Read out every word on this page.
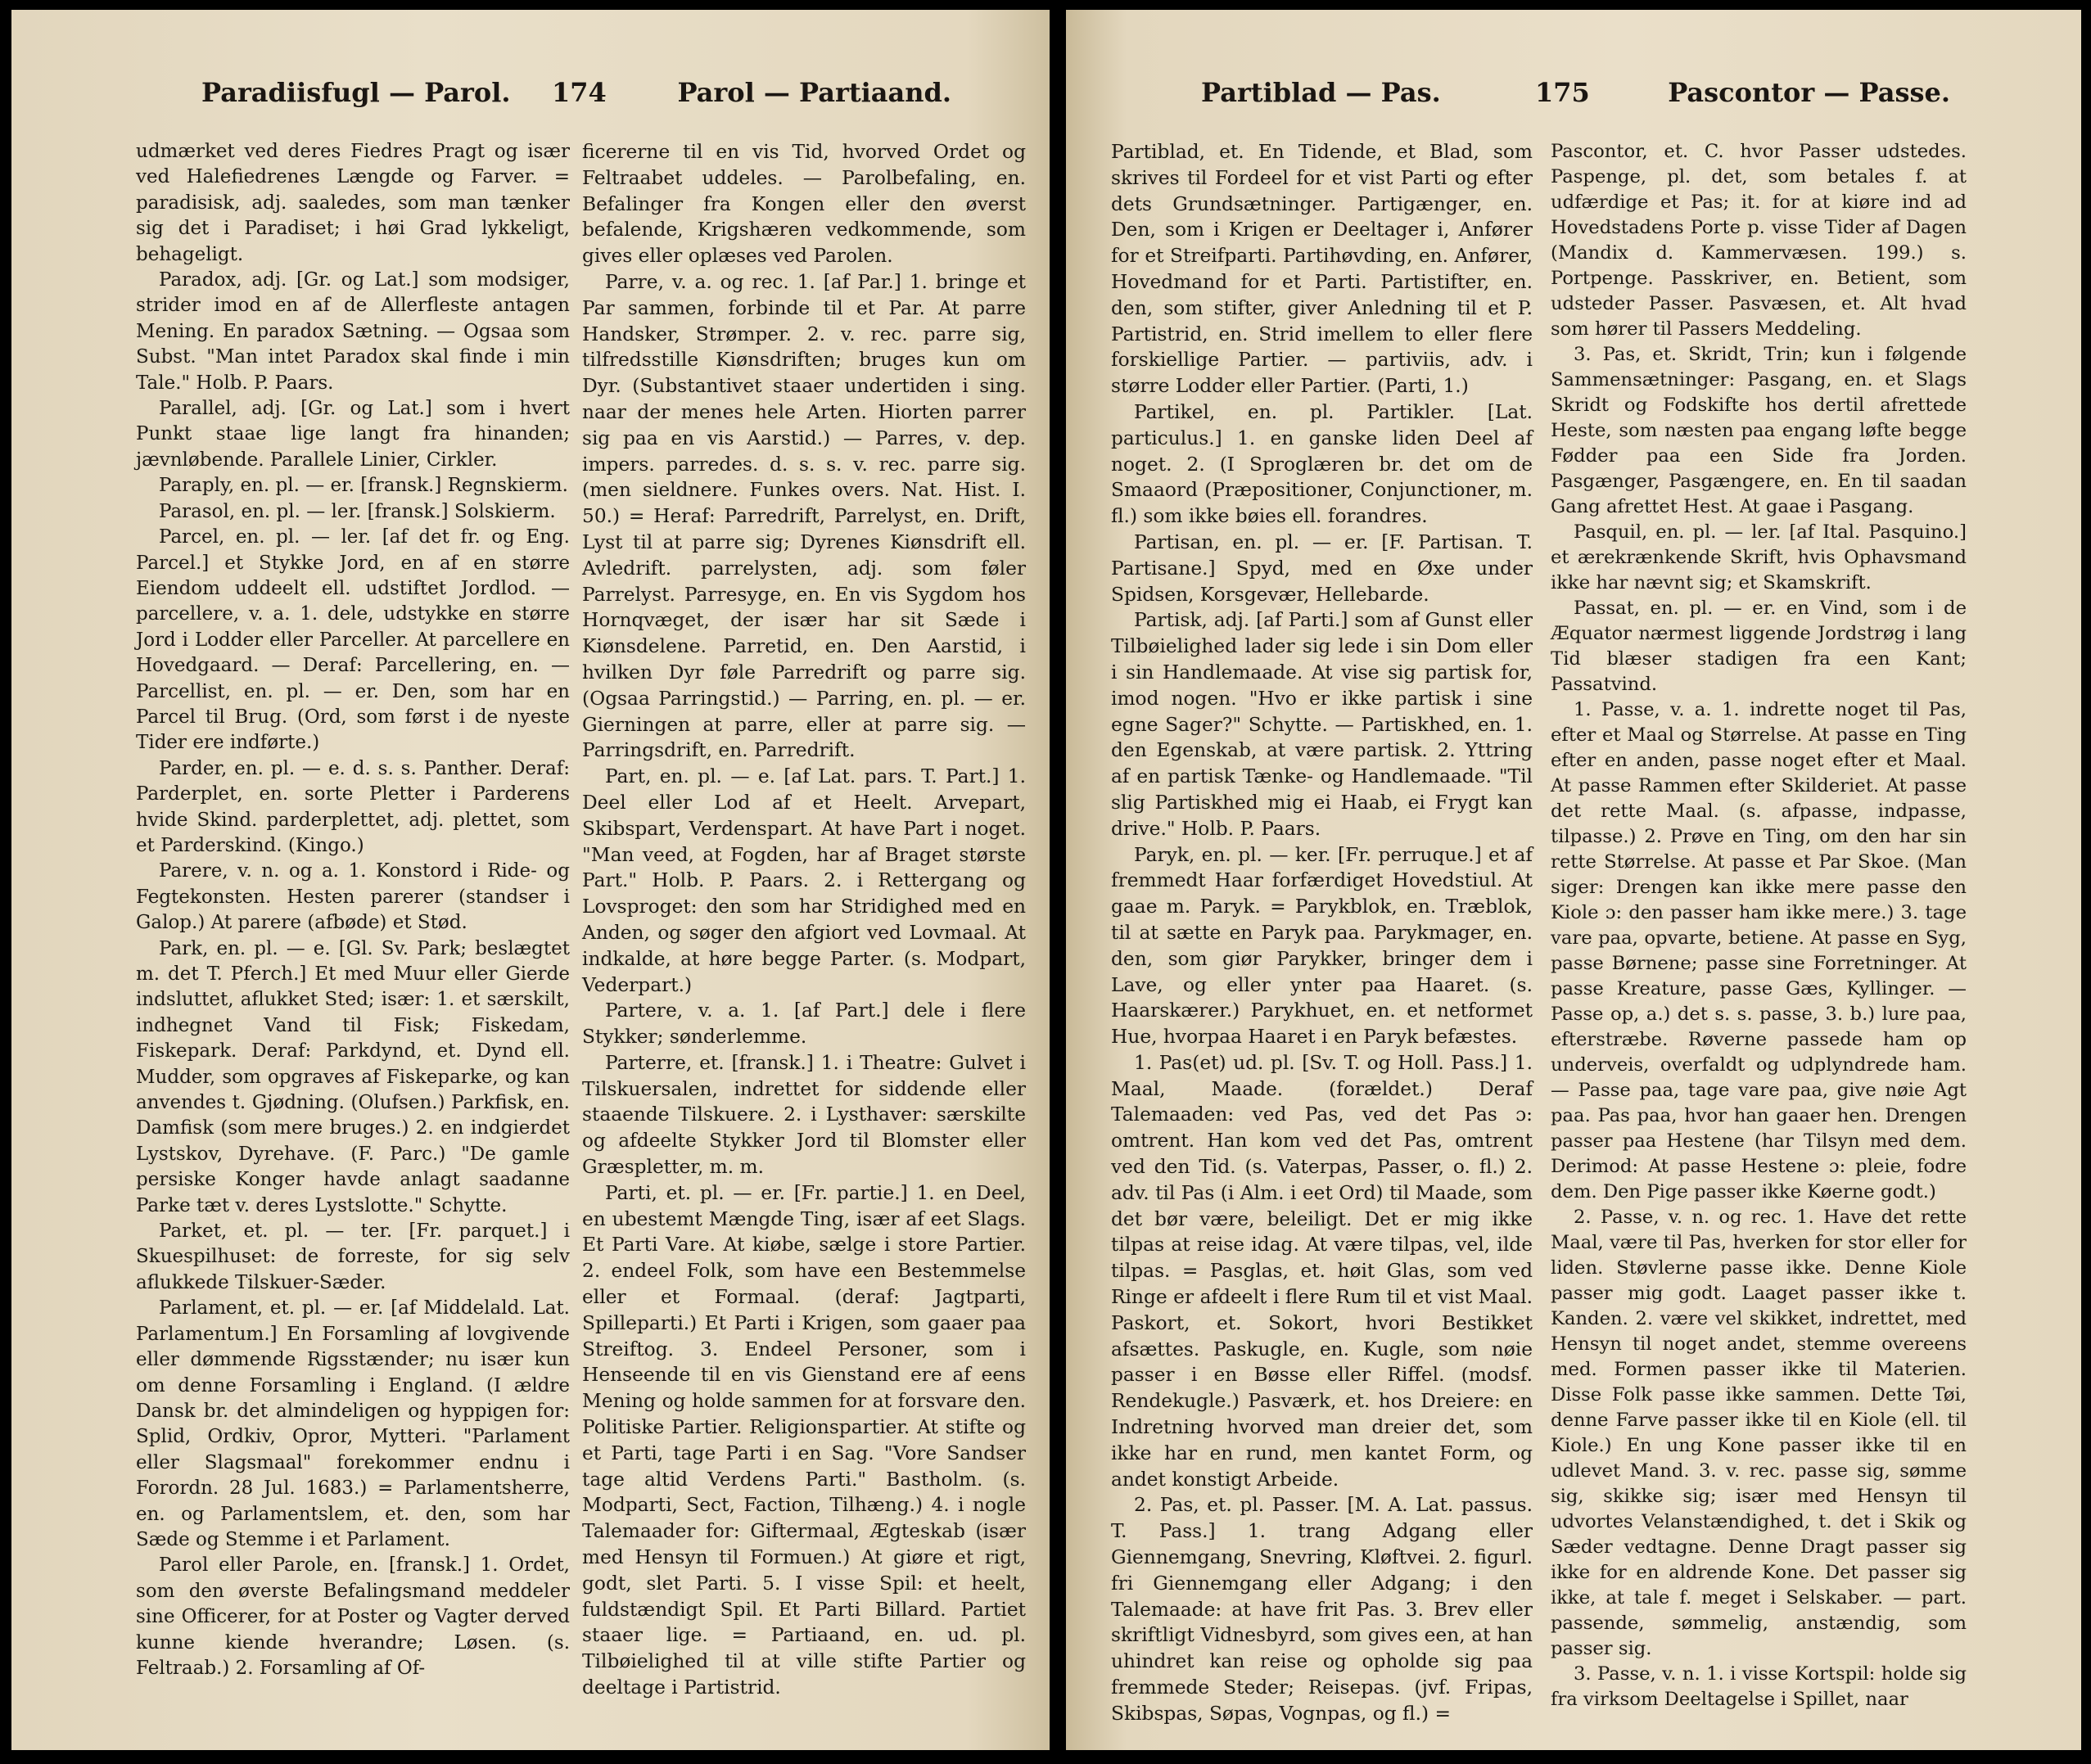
Paradiisfugl — Parol. 174	Parol — Partiaand.

udmærket ved deres Fiedres Pragt og især ved Halefiedrenes Længde og Farver. = paradisisk, adj. saaledes, som man tænker sig det i Paradiset; i høi Grad lykkeligt, behageligt.

Paradox, adj. [Gr. og Lat.] som modsiger, strider imod en af de Allerfleste antagen Mening. En paradox Sætning. — Ogsaa som Subst. "Man intet Paradox skal finde i min Tale." Holb. P. Paars.

Parallel, adj. [Gr. og Lat.] som i hvert Punkt staae lige langt fra hinanden; jævnløbende. Parallele Linier, Cirkler.

Paraply, en. pl. — er. [fransk.] Regnskierm.

Parasol, en. pl. — ler. [fransk.] Solskierm.

Parcel, en. pl. — ler. [af det fr. og Eng. Parcel.] et Stykke Jord, en af en større Eiendom uddeelt ell. udstiftet Jordlod. — parcellere, v. a. 1. dele, udstykke en større Jord i Lodder eller Parceller. At parcellere en Hovedgaard. — Deraf: Parcellering, en. — Parcellist, en. pl. — er. Den, som har en Parcel til Brug. (Ord, som først i de nyeste Tider ere indførte.)

Parder, en. pl. — e. d. s. s. Panther. Deraf: Parderplet, en. sorte Pletter i Parderens hvide Skind. parderplettet, adj. plettet, som et Parderskind. (Kingo.)

Parere, v. n. og a. 1. Konstord i Ride- og Fegtekonsten. Hesten parerer (standser i Galop.) At parere (afbøde) et Stød.

Park, en. pl. — e. [Gl. Sv. Park; beslægtet m. det T. Pferch.] Et med Muur eller Gierde indsluttet, aflukket Sted; især: 1. et særskilt, indhegnet Vand til Fisk; Fiskedam, Fiskepark. Deraf: Parkdynd, et. Dynd ell. Mudder, som opgraves af Fiskeparke, og kan anvendes t. Gjødning. (Olufsen.) Parkfisk, en. Damfisk (som mere bruges.) 2. en indgierdet Lystskov, Dyrehave. (F. Parc.) "De gamle persiske Konger havde anlagt saadanne Parke tæt v. deres Lystslotte." Schytte.

Parket, et. pl. — ter. [Fr. parquet.] i Skuespilhuset: de forreste, for sig selv aflukkede Tilskuer-Sæder.

Parlament, et. pl. — er. [af Middelald. Lat. Parlamentum.] En Forsamling af lovgivende eller dømmende Rigsstænder; nu især kun om denne Forsamling i England. (I ældre Dansk br. det almindeligen og hyppigen for: Splid, Ordkiv, Opror, Mytteri. "Parlament eller Slagsmaal" forekommer endnu i Forordn. 28 Jul. 1683.) = Parlamentsherre, en. og Parlamentslem, et. den, som har Sæde og Stemme i et Parlament.

Parol eller Parole, en. [fransk.] 1. Ordet, som den øverste Befalingsmand meddeler sine Officerer, for at Poster og Vagter derved kunne kiende hverandre; Løsen. (s. Feltraab.) 2. Forsamling af Of-

ficererne til en vis Tid, hvorved Ordet og Feltraabet uddeles. — Parolbefaling, en. Befalinger fra Kongen eller den øverst befalende, Krigshæren vedkommende, som gives eller oplæses ved Parolen.

Parre, v. a. og rec. 1. [af Par.] 1. bringe et Par sammen, forbinde til et Par. At parre Handsker, Strømper. 2. v. rec. parre sig, tilfredsstille Kiønsdriften; bruges kun om Dyr. (Substantivet staaer undertiden i sing. naar der menes hele Arten. Hiorten parrer sig paa en vis Aarstid.) — Parres, v. dep. impers. parredes. d. s. s. v. rec. parre sig. (men sieldnere. Funkes overs. Nat. Hist. I. 50.) = Heraf: Parredrift, Parrelyst, en. Drift, Lyst til at parre sig; Dyrenes Kiønsdrift ell. Avledrift. parrelysten, adj. som føler Parrelyst. Parresyge, en. En vis Sygdom hos Hornqvæget, der især har sit Sæde i Kiønsdelene. Parretid, en. Den Aarstid, i hvilken Dyr føle Parredrift og parre sig. (Ogsaa Parringstid.) — Parring, en. pl. — er. Gierningen at parre, eller at parre sig. — Parringsdrift, en. Parredrift.

Part, en. pl. — e. [af Lat. pars. T. Part.] 1. Deel eller Lod af et Heelt. Arvepart, Skibspart, Verdenspart. At have Part i noget. "Man veed, at Fogden, har af Braget største Part." Holb. P. Paars. 2. i Rettergang og Lovsproget: den som har Stridighed med en Anden, og søger den afgiort ved Lovmaal. At indkalde, at høre begge Parter. (s. Modpart, Vederpart.)

Partere, v. a. 1. [af Part.] dele i flere Stykker; sønderlemme.

Parterre, et. [fransk.] 1. i Theatre: Gulvet i Tilskuersalen, indrettet for siddende eller staaende Tilskuere. 2. i Lysthaver: særskilte og afdeelte Stykker Jord til Blomster eller Græspletter, m. m.

Parti, et. pl. — er. [Fr. partie.] 1. en Deel, en ubestemt Mængde Ting, især af eet Slags. Et Parti Vare. At kiøbe, sælge i store Partier. 2. endeel Folk, som have een Bestemmelse eller et Formaal. (deraf: Jagtparti, Spilleparti.) Et Parti i Krigen, som gaaer paa Streiftog. 3. Endeel Personer, som i Henseende til en vis Gienstand ere af eens Mening og holde sammen for at forsvare den. Politiske Partier. Religionspartier. At stifte og et Parti, tage Parti i en Sag. "Vore Sandser tage altid Verdens Parti." Bastholm. (s. Modparti, Sect, Faction, Tilhæng.) 4. i nogle Talemaader for: Giftermaal, Ægteskab (især med Hensyn til Formuen.) At giøre et rigt, godt, slet Parti. 5. I visse Spil: et heelt, fuldstændigt Spil. Et Parti Billard. Partiet staaer lige. = Partiaand, en. ud. pl. Tilbøielighed til at ville stifte Partier og deeltage i Partistrid.

Partiblad — Pas.	175	Pascontor — Passe.

Partiblad, et. En Tidende, et Blad, som skrives til Fordeel for et vist Parti og efter dets Grundsætninger. Partigænger, en. Den, som i Krigen er Deeltager i, Anfører for et Streifparti. Partihøvding, en. Anfører, Hovedmand for et Parti. Partistifter, en. den, som stifter, giver Anledning til et P. Partistrid, en. Strid imellem to eller flere forskiellige Partier. — partiviis, adv. i større Lodder eller Partier. (Parti, 1.)

Partikel, en. pl. Partikler. [Lat. particulus.] 1. en ganske liden Deel af noget. 2. (I Sproglæren br. det om de Smaaord (Præpositioner, Conjunctioner, m. fl.) som ikke bøies ell. forandres.

Partisan, en. pl. — er. [F. Partisan. T. Partisane.] Spyd, med en Øxe under Spidsen, Korsgevær, Hellebarde.

Partisk, adj. [af Parti.] som af Gunst eller Tilbøielighed lader sig lede i sin Dom eller i sin Handlemaade. At vise sig partisk for, imod nogen. "Hvo er ikke partisk i sine egne Sager?" Schytte. — Partiskhed, en. 1. den Egenskab, at være partisk. 2. Yttring af en partisk Tænke- og Handlemaade. "Til slig Partiskhed mig ei Haab, ei Frygt kan drive." Holb. P. Paars.

Paryk, en. pl. — ker. [Fr. perruque.] et af fremmedt Haar forfærdiget Hovedstiul. At gaae m. Paryk. = Parykblok, en. Træblok, til at sætte en Paryk paa. Parykmager, en. den, som giør Parykker, bringer dem i Lave, og eller ynter paa Haaret. (s. Haarskærer.) Parykhuet, en. et netformet Hue, hvorpaa Haaret i en Paryk befæstes.

1. Pas(et) ud. pl. [Sv. T. og Holl. Pass.] 1. Maal, Maade. (forældet.) Deraf Talemaaden: ved Pas, ved det Pas ɔ: omtrent. Han kom ved det Pas, omtrent ved den Tid. (s. Vaterpas, Passer, o. fl.) 2. adv. til Pas (i Alm. i eet Ord) til Maade, som det bør være, beleiligt. Det er mig ikke tilpas at reise idag. At være tilpas, vel, ilde tilpas. = Pasglas, et. høit Glas, som ved Ringe er afdeelt i flere Rum til et vist Maal. Paskort, et. Sokort, hvori Bestikket afsættes. Paskugle, en. Kugle, som nøie passer i en Bøsse eller Riffel. (modsf. Rendekugle.) Pasværk, et. hos Dreiere: en Indretning hvorved man dreier det, som ikke har en rund, men kantet Form, og andet konstigt Arbeide.

2. Pas, et. pl. Passer. [M. A. Lat. passus. T. Pass.] 1. trang Adgang eller Giennemgang, Snevring, Kløftvei. 2. figurl. fri Giennemgang eller Adgang; i den Talemaade: at have frit Pas. 3. Brev eller skriftligt Vidnesbyrd, som gives een, at han uhindret kan reise og opholde sig paa fremmede Steder; Reisepas. (jvf. Fripas, Skibspas, Søpas, Vognpas, og fl.) =

Pascontor, et. C. hvor Passer udstedes. Paspenge, pl. det, som betales f. at udfærdige et Pas; it. for at kiøre ind ad Hovedstadens Porte p. visse Tider af Dagen (Mandix d. Kammervæsen. 199.) s. Portpenge. Passkriver, en. Betient, som udsteder Passer. Pasvæsen, et. Alt hvad som hører til Passers Meddeling.

3. Pas, et. Skridt, Trin; kun i følgende Sammensætninger: Pasgang, en. et Slags Skridt og Fodskifte hos dertil afrettede Heste, som næsten paa engang løfte begge Fødder paa een Side fra Jorden. Pasgænger, Pasgængere, en. En til saadan Gang afrettet Hest. At gaae i Pasgang.

Pasquil, en. pl. — ler. [af Ital. Pasquino.] et ærekrænkende Skrift, hvis Ophavsmand ikke har nævnt sig; et Skamskrift.

Passat, en. pl. — er. en Vind, som i de Æquator nærmest liggende Jordstrøg i lang Tid blæser stadigen fra een Kant; Passatvind.

1. Passe, v. a. 1. indrette noget til Pas, efter et Maal og Størrelse. At passe en Ting efter en anden, passe noget efter et Maal. At passe Rammen efter Skilderiet. At passe det rette Maal. (s. afpasse, indpasse, tilpasse.) 2. Prøve en Ting, om den har sin rette Størrelse. At passe et Par Skoe. (Man siger: Drengen kan ikke mere passe den Kiole ɔ: den passer ham ikke mere.) 3. tage vare paa, opvarte, betiene. At passe en Syg, passe Børnene; passe sine Forretninger. At passe Kreature, passe Gæs, Kyllinger. — Passe op, a.) det s. s. passe, 3. b.) lure paa, efterstræbe. Røverne passede ham op underveis, overfaldt og udplyndrede ham. — Passe paa, tage vare paa, give nøie Agt paa. Pas paa, hvor han gaaer hen. Drengen passer paa Hestene (har Tilsyn med dem. Derimod: At passe Hestene ɔ: pleie, fodre dem. Den Pige passer ikke Køerne godt.)

2. Passe, v. n. og rec. 1. Have det rette Maal, være til Pas, hverken for stor eller for liden. Støvlerne passe ikke. Denne Kiole passer mig godt. Laaget passer ikke t. Kanden. 2. være vel skikket, indrettet, med Hensyn til noget andet, stemme overeens med. Formen passer ikke til Materien. Disse Folk passe ikke sammen. Dette Tøi, denne Farve passer ikke til en Kiole (ell. til Kiole.) En ung Kone passer ikke til en udlevet Mand. 3. v. rec. passe sig, sømme sig, skikke sig; især med Hensyn til udvortes Velanstændighed, t. det i Skik og Sæder vedtagne. Denne Dragt passer sig ikke for en aldrende Kone. Det passer sig ikke, at tale f. meget i Selskaber. — part. passende, sømmelig, anstændig, som passer sig.

3. Passe, v. n. 1. i visse Kortspil: holde sig fra virksom Deeltagelse i Spillet, naar
